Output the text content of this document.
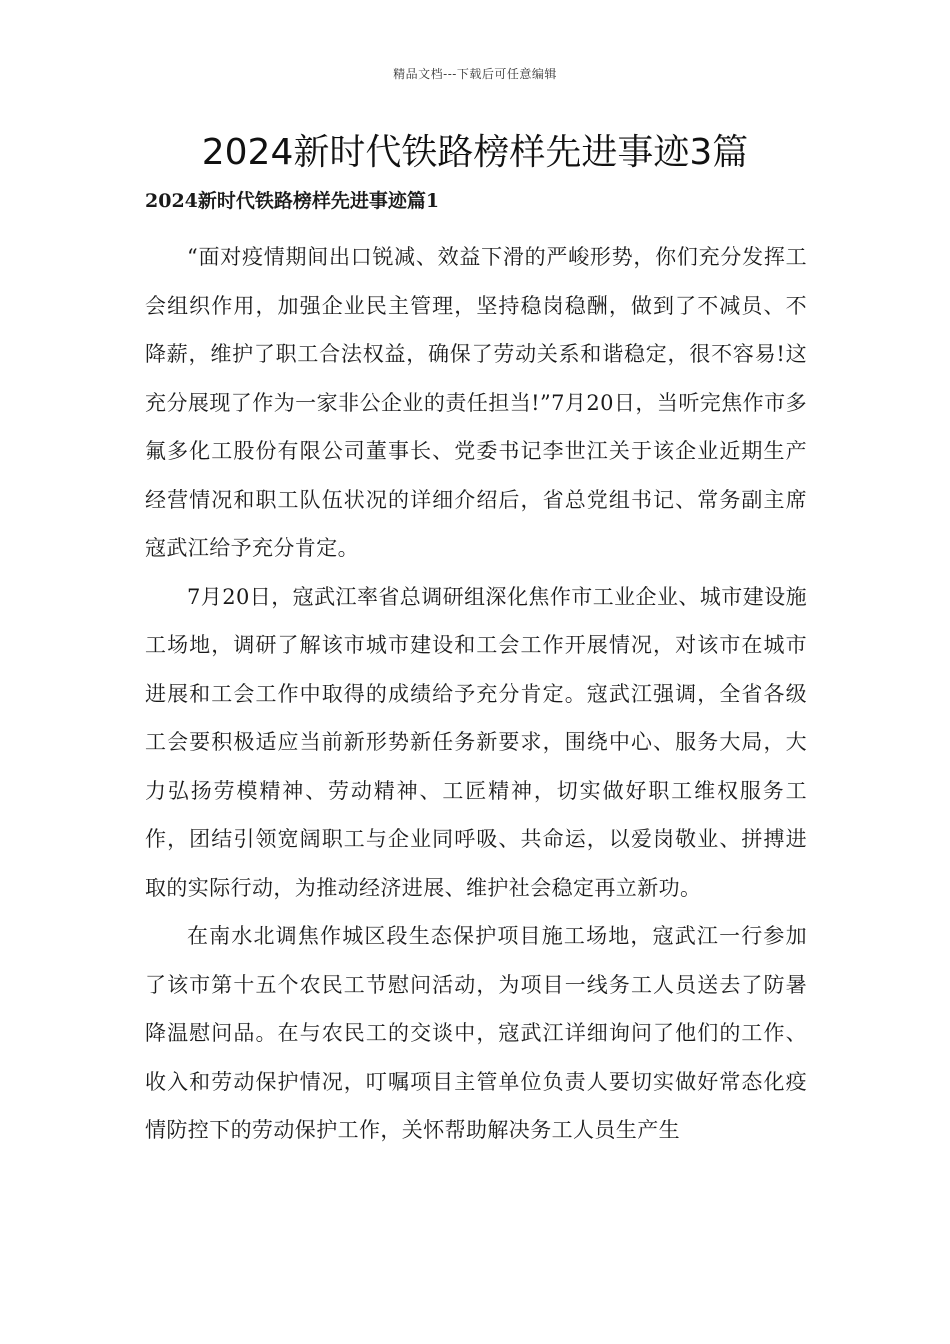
精品文档---下载后可任意编辑
2024新时代铁路榜样先进事迹3篇
2024新时代铁路榜样先进事迹篇1

“面对疫情期间出口锐减、效益下滑的严峻形势，你们充分发挥工会组织作用，加强企业民主管理，坚持稳岗稳酬，做到了不减员、不降薪，维护了职工合法权益，确保了劳动关系和谐稳定，很不容易!这充分展现了作为一家非公企业的责任担当!”7月20日，当听完焦作市多氟多化工股份有限公司董事长、党委书记李世江关于该企业近期生产经营情况和职工队伍状况的详细介绍后，省总党组书记、常务副主席寇武江给予充分肯定。

7月20日，寇武江率省总调研组深化焦作市工业企业、城市建设施工场地，调研了解该市城市建设和工会工作开展情况，对该市在城市进展和工会工作中取得的成绩给予充分肯定。寇武江强调，全省各级工会要积极适应当前新形势新任务新要求，围绕中心、服务大局，大力弘扬劳模精神、劳动精神、工匠精神，切实做好职工维权服务工作，团结引领宽阔职工与企业同呼吸、共命运，以爱岗敬业、拼搏进取的实际行动，为推动经济进展、维护社会稳定再立新功。

在南水北调焦作城区段生态保护项目施工场地，寇武江一行参加了该市第十五个农民工节慰问活动，为项目一线务工人员送去了防暑降温慰问品。在与农民工的交谈中，寇武江详细询问了他们的工作、收入和劳动保护情况，叮嘱项目主管单位负责人要切实做好常态化疫情防控下的劳动保护工作，关怀帮助解决务工人员生产生
